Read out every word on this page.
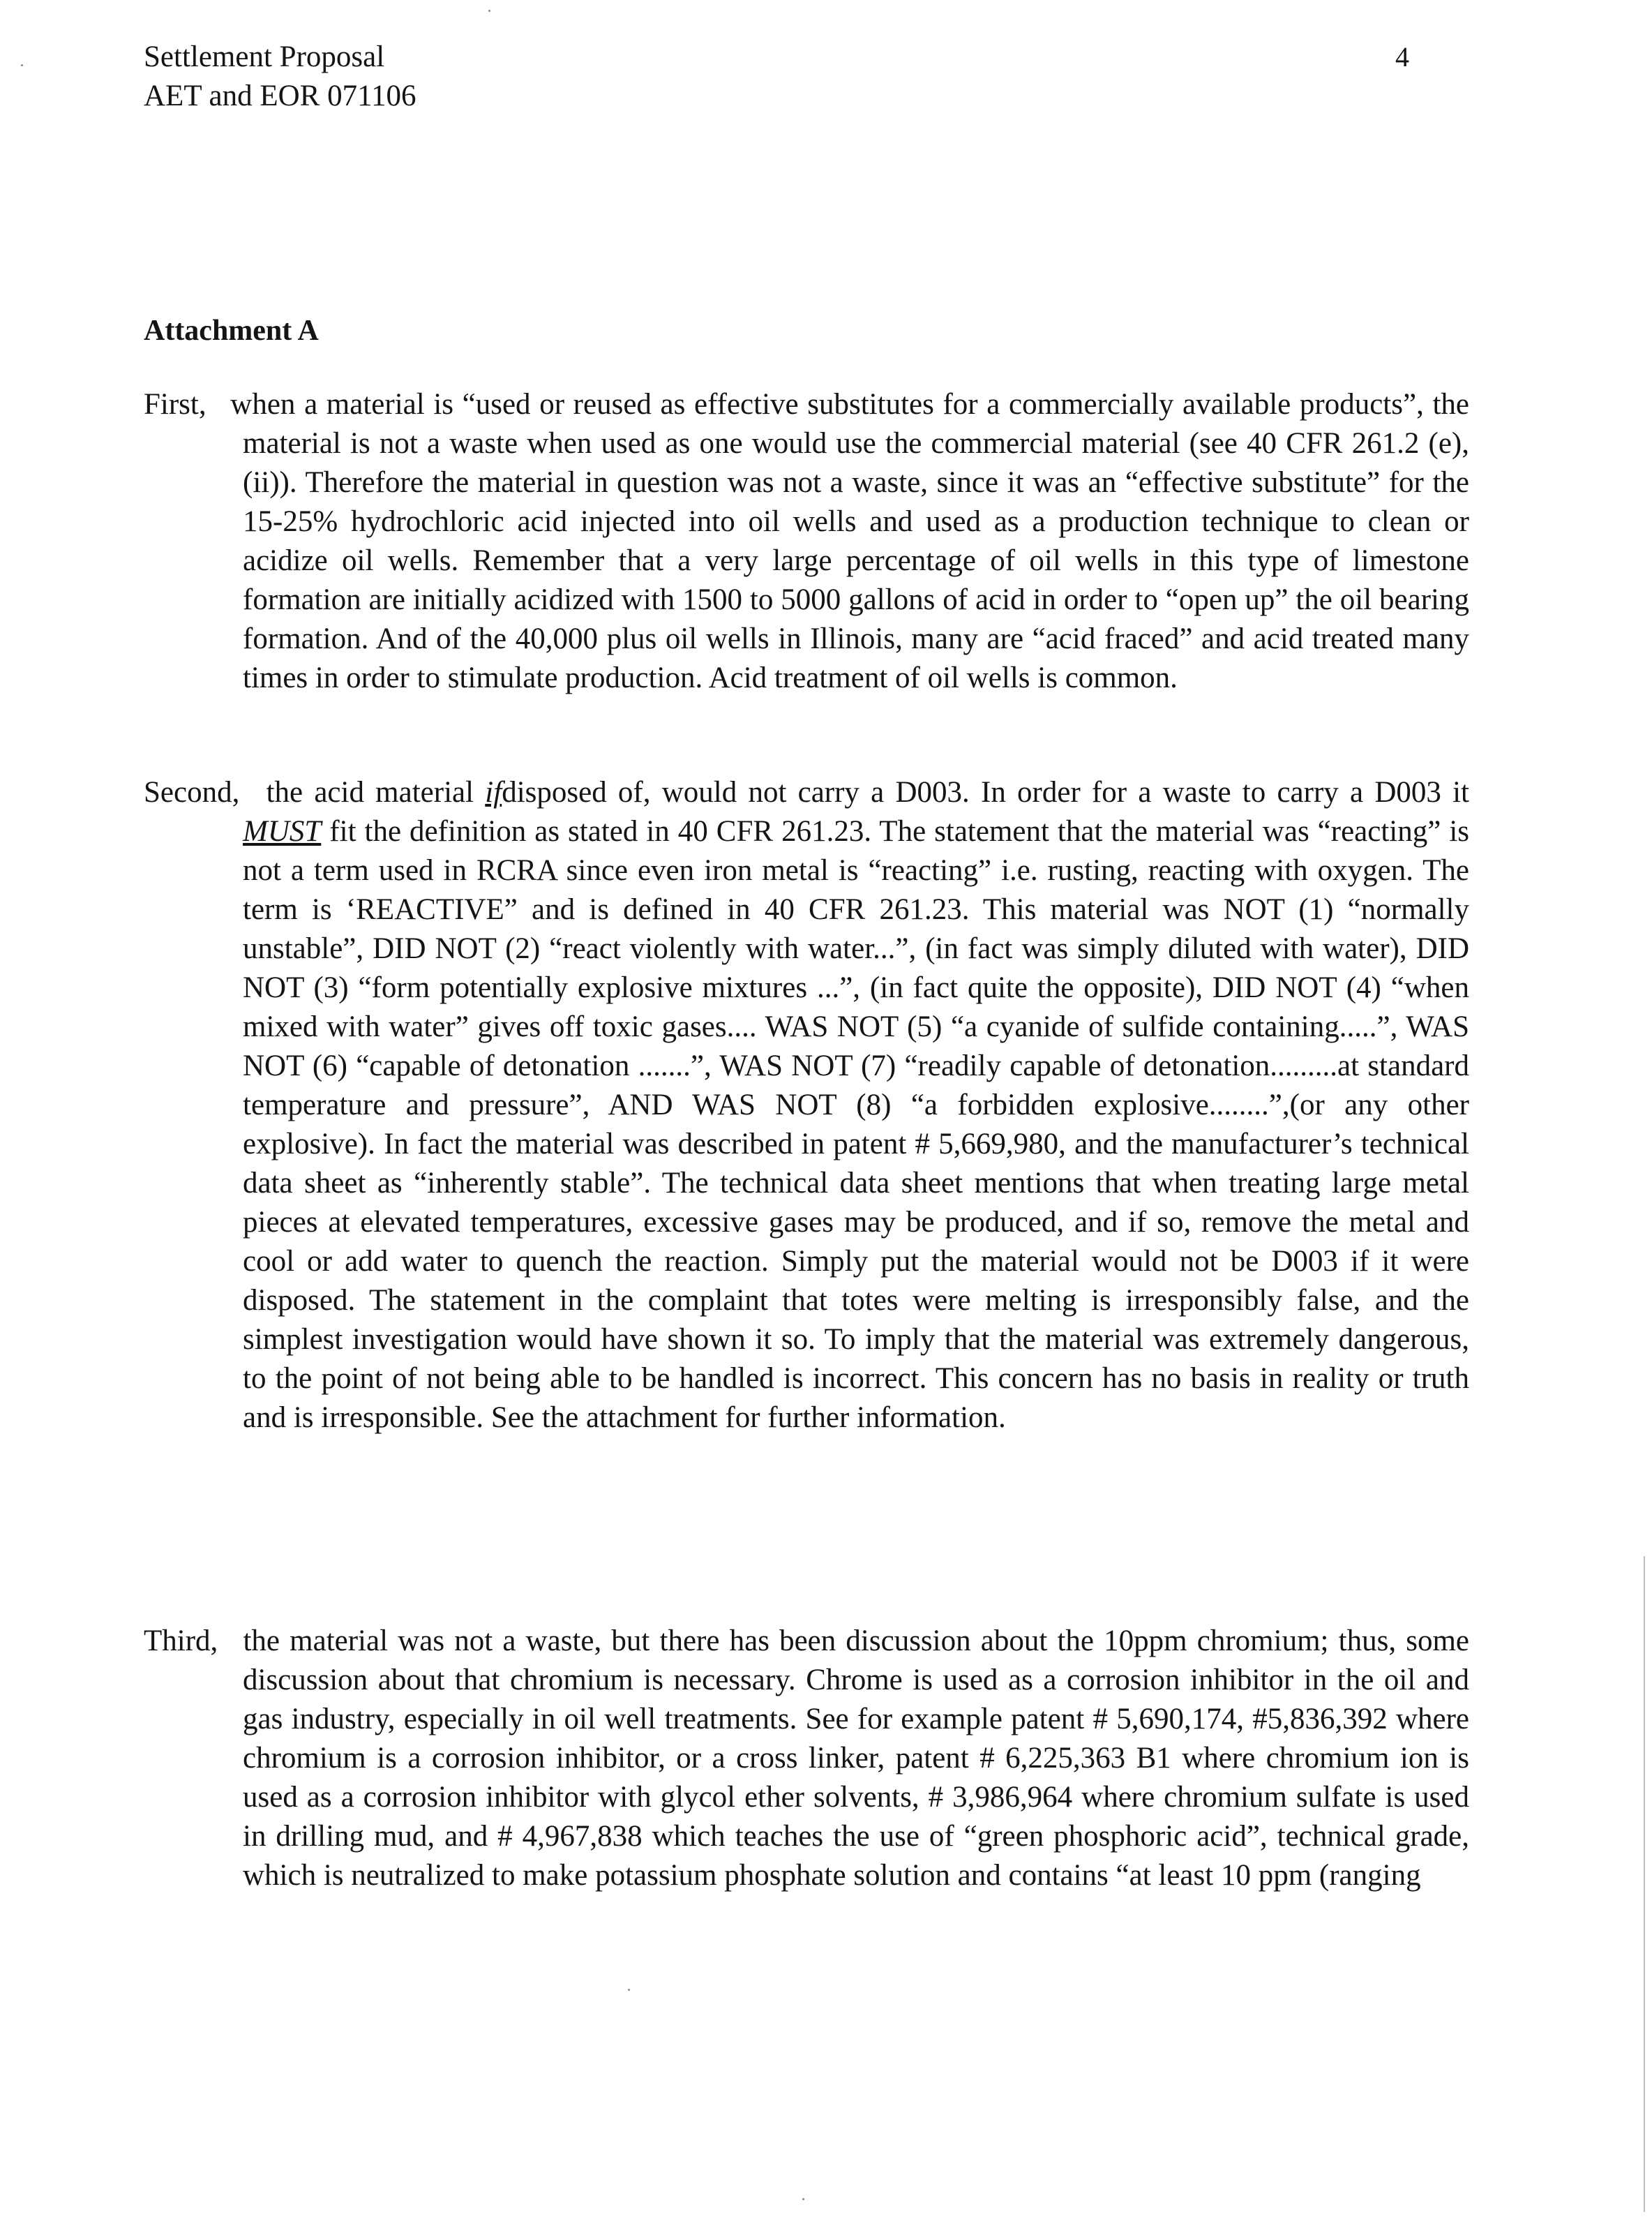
Settlement Proposal
AET and EOR 071106
4
Attachment A
First, when a material is “used or reused as effective substitutes for a commercially available products”, the material is not a waste when used as one would use the commercial material (see 40 CFR 261.2 (e),(ii)). Therefore the material in question was not a waste, since it was an “effective substitute” for the 15-25% hydrochloric acid injected into oil wells and used as a production technique to clean or acidize oil wells. Remember that a very large percentage of oil wells in this type of limestone formation are initially acidized with 1500 to 5000 gallons of acid in order to “open up” the oil bearing formation. And of the 40,000 plus oil wells in Illinois, many are “acid fraced” and acid treated many times in order to stimulate production. Acid treatment of oil wells is common.
Second, the acid material ifdisposed of, would not carry a D003. In order for a waste to carry a D003 it MUST fit the definition as stated in 40 CFR 261.23. The statement that the material was “reacting” is not a term used in RCRA since even iron metal is “reacting” i.e. rusting, reacting with oxygen. The term is ‘REACTIVE” and is defined in 40 CFR 261.23. This material was NOT (1) “normally unstable”, DID NOT (2) “react violently with water...”, (in fact was simply diluted with water), DID NOT (3) “form potentially explosive mixtures ...”, (in fact quite the opposite), DID NOT (4) “when mixed with water” gives off toxic gases.... WAS NOT (5) “a cyanide of sulfide containing.....”, WAS NOT (6) “capable of detonation .......”, WAS NOT (7) “readily capable of detonation.........at standard temperature and pressure”, AND WAS NOT (8) “a forbidden explosive........”,(or any other explosive). In fact the material was described in patent # 5,669,980, and the manufacturer’s technical data sheet as “inherently stable”. The technical data sheet mentions that when treating large metal pieces at elevated temperatures, excessive gases may be produced, and if so, remove the metal and cool or add water to quench the reaction. Simply put the material would not be D003 if it were disposed. The statement in the complaint that totes were melting is irresponsibly false, and the simplest investigation would have shown it so. To imply that the material was extremely dangerous, to the point of not being able to be handled is incorrect. This concern has no basis in reality or truth and is irresponsible. See the attachment for further information.
Third, the material was not a waste, but there has been discussion about the 10ppm chromium; thus, some discussion about that chromium is necessary. Chrome is used as a corrosion inhibitor in the oil and gas industry, especially in oil well treatments. See for example patent # 5,690,174, #5,836,392 where chromium is a corrosion inhibitor, or a cross linker, patent # 6,225,363 B1 where chromium ion is used as a corrosion inhibitor with glycol ether solvents, # 3,986,964 where chromium sulfate is used in drilling mud, and # 4,967,838 which teaches the use of “green phosphoric acid”, technical grade, which is neutralized to make potassium phosphate solution and contains “at least 10 ppm (ranging
